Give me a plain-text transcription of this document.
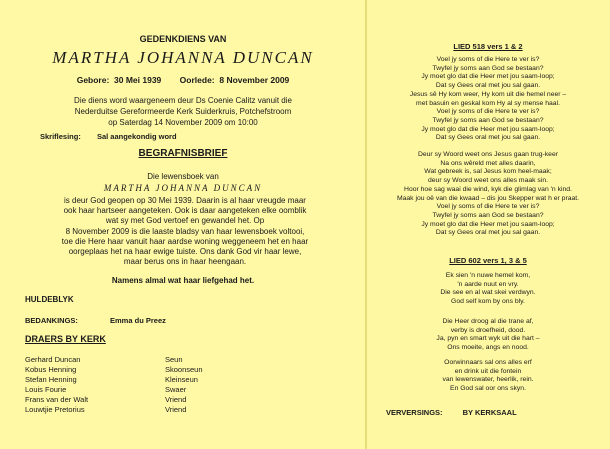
GEDENKDIENS VAN
MARTHA JOHANNA DUNCAN
Gebore: 30 Mei 1939 Oorlede: 8 November 2009
Die diens word waargeneem deur Ds Coenie Calitz vanuit die
Nederduitse Gereformeerde Kerk Suiderkruis, Potchefstroom
op Saterdag 14 November 2009 om 10:00
Skriflesing: Sal aangekondig word
BEGRAFNISBRIEF
Die lewensboek van
MARTHA JOHANNA DUNCAN
is deur God geopen op 30 Mei 1939. Daarin is al haar vreugde maar
ook haar hartseer aangeteken. Ook is daar aangeteken elke oomblik
wat sy met God vertoef en gewandel het. Op
8 November 2009 is die laaste bladsy van haar lewensboek voltooi,
toe die Here haar vanuit haar aardse woning weggeneem het en haar
oorgeplaas het na haar ewige tuiste. Ons dank God vir haar lewe,
maar berus ons in haar heengaan.
Namens almal wat haar liefgehad het.
HULDEBLYK
BEDANKINGS:	Emma du Preez
DRAERS BY KERK
Gerhard Duncan	Seun
Kobus Henning	Skoonseun
Stefan Henning	Kleinseun
Louis Fourie	Swaer
Frans van der Walt	Vriend
Louwtjie Pretorius	Vriend
LIED 518 vers 1 & 2
Voel jy soms of die Here te ver is?
Twyfel jy soms aan God se bestaan?
Jy moet glo dat die Heer met jou saam-loop;
Dat sy Gees oral met jou sal gaan.
Jesus sê Hy kom weer, Hy kom uit die hemel neer –
met basuin en geskal kom Hy al sy mense haal.
Voel jy soms of die Here te ver is?
Twyfel jy soms aan God se bestaan?
Jy moet glo dat die Heer met jou saam-loop;
Dat sy Gees oral met jou sal gaan.
Deur sy Woord weet ons Jesus gaan trug-keer
Na ons wêreld met alles daarin,
Wat gebreek is, sal Jesus kom heel-maak;
deur sy Woord weet ons alles maak sin.
Hoor hoe sag waai die wind, kyk die glimlag van 'n kind.
Maak jou oë van die kwaad – dis jou Skepper wat h er praat.
Voel jy soms of die Here te ver is?
Twyfel jy soms aan God se bestaan?
Jy moet glo dat die Heer met jou saam-loop;
Dat sy Gees oral met jou sal gaan.
LIED 602 vers 1, 3 & 5
Ek sien 'n nuwe hemel kom,
'n aarde nuut en vry.
Die see en al wat skei verdwyn.
God self kom by ons bly.
Die Heer droog al die trane af,
verby is droefheid, dood.
Ja, pyn en smart wyk uit die hart –
Ons moeite, angs en nood.
Oorwinnaars sal ons alles erf
en drink uit die fontein
van lewenswater, heerlik, rein.
En God sal oor ons skyn.
VERVERSINGS:	BY KERKSAAL
